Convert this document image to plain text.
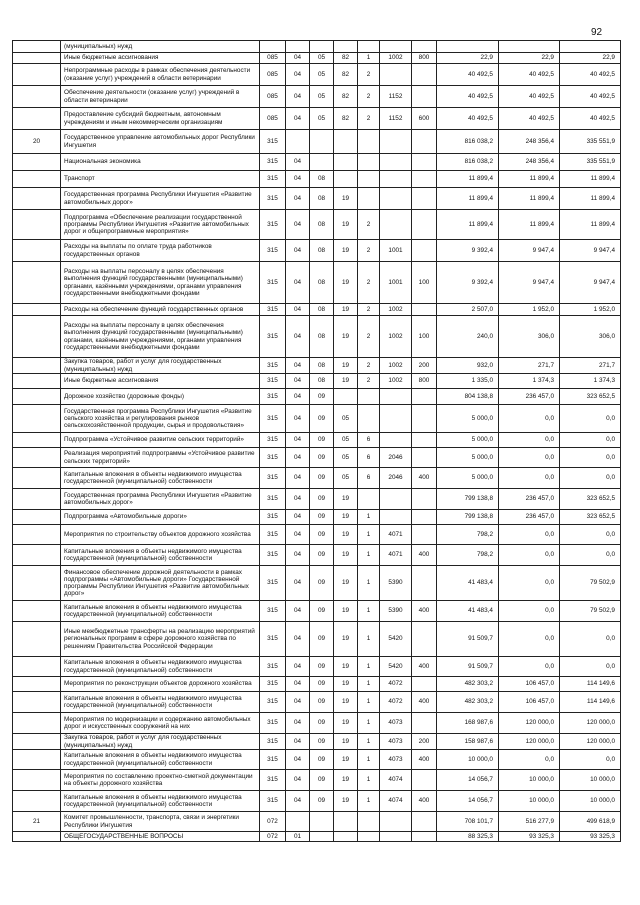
92
	(муниципальных) нужд										
	Иные бюджетные ассигнования	085	04	05	82	1	1002	800	22,9	22,9	22,9
	Непрограммные расходы в рамках обеспечения деятельности (оказание услуг) учреждений в области ветеринарии	085	04	05	82	2			40 492,5	40 492,5	40 492,5
	Обеспечение деятельности (оказание услуг) учреждений в области ветеринарии	085	04	05	82	2	1152		40 492,5	40 492,5	40 492,5
	Предоставление субсидий бюджетным, автономным учреждениям и иным некоммерческим организациям	085	04	05	82	2	1152	600	40 492,5	40 492,5	40 492,5
20	Государственное управление автомобильных дорог Республики Ингушетия	315							816 038,2	248 356,4	335 551,9
	Национальная экономика	315	04						816 038,2	248 356,4	335 551,9
	Транспорт	315	04	08					11 899,4	11 899,4	11 899,4
	Государственная программа Республики Ингушетия «Развитие автомобильных дорог»	315	04	08	19				11 899,4	11 899,4	11 899,4
	Подпрограмма «Обеспечение реализации государственной программы Республики Ингушетия «Развитие автомобильных дорог и общепрограммные мероприятия»	315	04	08	19	2			11 899,4	11 899,4	11 899,4
	Расходы на выплаты по оплате труда работников государственных органов	315	04	08	19	2	1001		9 392,4	9 947,4	9 947,4
	Расходы на выплаты персоналу в целях обеспечения выполнения функций государственными (муниципальными) органами, казёнными учреждениями, органами управления государственными внебюджетными фондами	315	04	08	19	2	1001	100	9 392,4	9 947,4	9 947,4
	Расходы на обеспечение функций государственных органов	315	04	08	19	2	1002		2 507,0	1 952,0	1 952,0
	Расходы на выплаты персоналу в целях обеспечения выполнения функций государственными (муниципальными) органами, казёнными учреждениями, органами управления государственными внебюджетными фондами	315	04	08	19	2	1002	100	240,0	306,0	306,0
	Закупка товаров, работ и услуг для государственных (муниципальных) нужд	315	04	08	19	2	1002	200	932,0	271,7	271,7
	Иные бюджетные ассигнования	315	04	08	19	2	1002	800	1 335,0	1 374,3	1 374,3
	Дорожное хозяйство (дорожные фонды)	315	04	09					804 138,8	236 457,0	323 652,5
	Государственная программа Республики Ингушетия «Развитие сельского хозяйства и регулирования рынков сельскохозяйственной продукции, сырья и продовольствия»	315	04	09	05				5 000,0	0,0	0,0
	Подпрограмма «Устойчивое развитие сельских территорий»	315	04	09	05	6			5 000,0	0,0	0,0
	Реализация мероприятий подпрограммы «Устойчивое развитие сельских территорий»	315	04	09	05	6	2046		5 000,0	0,0	0,0
	Капитальные вложения в объекты недвижимого имущества государственной (муниципальной) собственности	315	04	09	05	6	2046	400	5 000,0	0,0	0,0
	Государственная программа Республики Ингушетия «Развитие автомобильных дорог»	315	04	09	19				799 138,8	236 457,0	323 652,5
	Подпрограмма «Автомобильные дороги»	315	04	09	19	1			799 138,8	236 457,0	323 652,5
	Мероприятия по строительству объектов дорожного хозяйства	315	04	09	19	1	4071		798,2	0,0	0,0
	Капитальные вложения в объекты недвижимого имущества государственной (муниципальной) собственности	315	04	09	19	1	4071	400	798,2	0,0	0,0
	Финансовое обеспечение дорожной деятельности в рамках подпрограммы «Автомобильные дороги» Государственной программы Республики Ингушетия «Развитие автомобильных дорог»	315	04	09	19	1	5390		41 483,4	0,0	79 502,9
	Капитальные вложения в объекты недвижимого имущества государственной (муниципальной) собственности	315	04	09	19	1	5390	400	41 483,4	0,0	79 502,9
	Иные межбюджетные трансферты на реализацию мероприятий региональных программ в сфере дорожного хозяйства по решениям Правительства Российской Федерации	315	04	09	19	1	5420		91 509,7	0,0	0,0
	Капитальные вложения в объекты недвижимого имущества государственной (муниципальной) собственности	315	04	09	19	1	5420	400	91 509,7	0,0	0,0
	Мероприятия по реконструкции объектов дорожного хозяйства	315	04	09	19	1	4072		482 303,2	106 457,0	114 149,6
	Капитальные вложения в объекты недвижимого имущества государственной (муниципальной) собственности	315	04	09	19	1	4072	400	482 303,2	106 457,0	114 149,6
	Мероприятия по модернизации и содержанию автомобильных дорог и искусственных сооружений на них	315	04	09	19	1	4073		168 987,6	120 000,0	120 000,0
	Закупка товаров, работ и услуг для государственных (муниципальных) нужд	315	04	09	19	1	4073	200	158 987,6	120 000,0	120 000,0
	Капитальные вложения в объекты недвижимого имущества государственной (муниципальной) собственности	315	04	09	19	1	4073	400	10 000,0	0,0	0,0
	Мероприятия по составлению проектно-сметной документации на объекты дорожного хозяйства	315	04	09	19	1	4074		14 056,7	10 000,0	10 000,0
	Капитальные вложения в объекты недвижимого имущества государственной (муниципальной) собственности	315	04	09	19	1	4074	400	14 056,7	10 000,0	10 000,0
21	Комитет промышленности, транспорта, связи и энергетики Республики Ингушетия	072							708 101,7	516 277,9	499 618,9
	ОБЩЕГОСУДАРСТВЕННЫЕ ВОПРОСЫ	072	01						88 325,3	93 325,3	93 325,3
